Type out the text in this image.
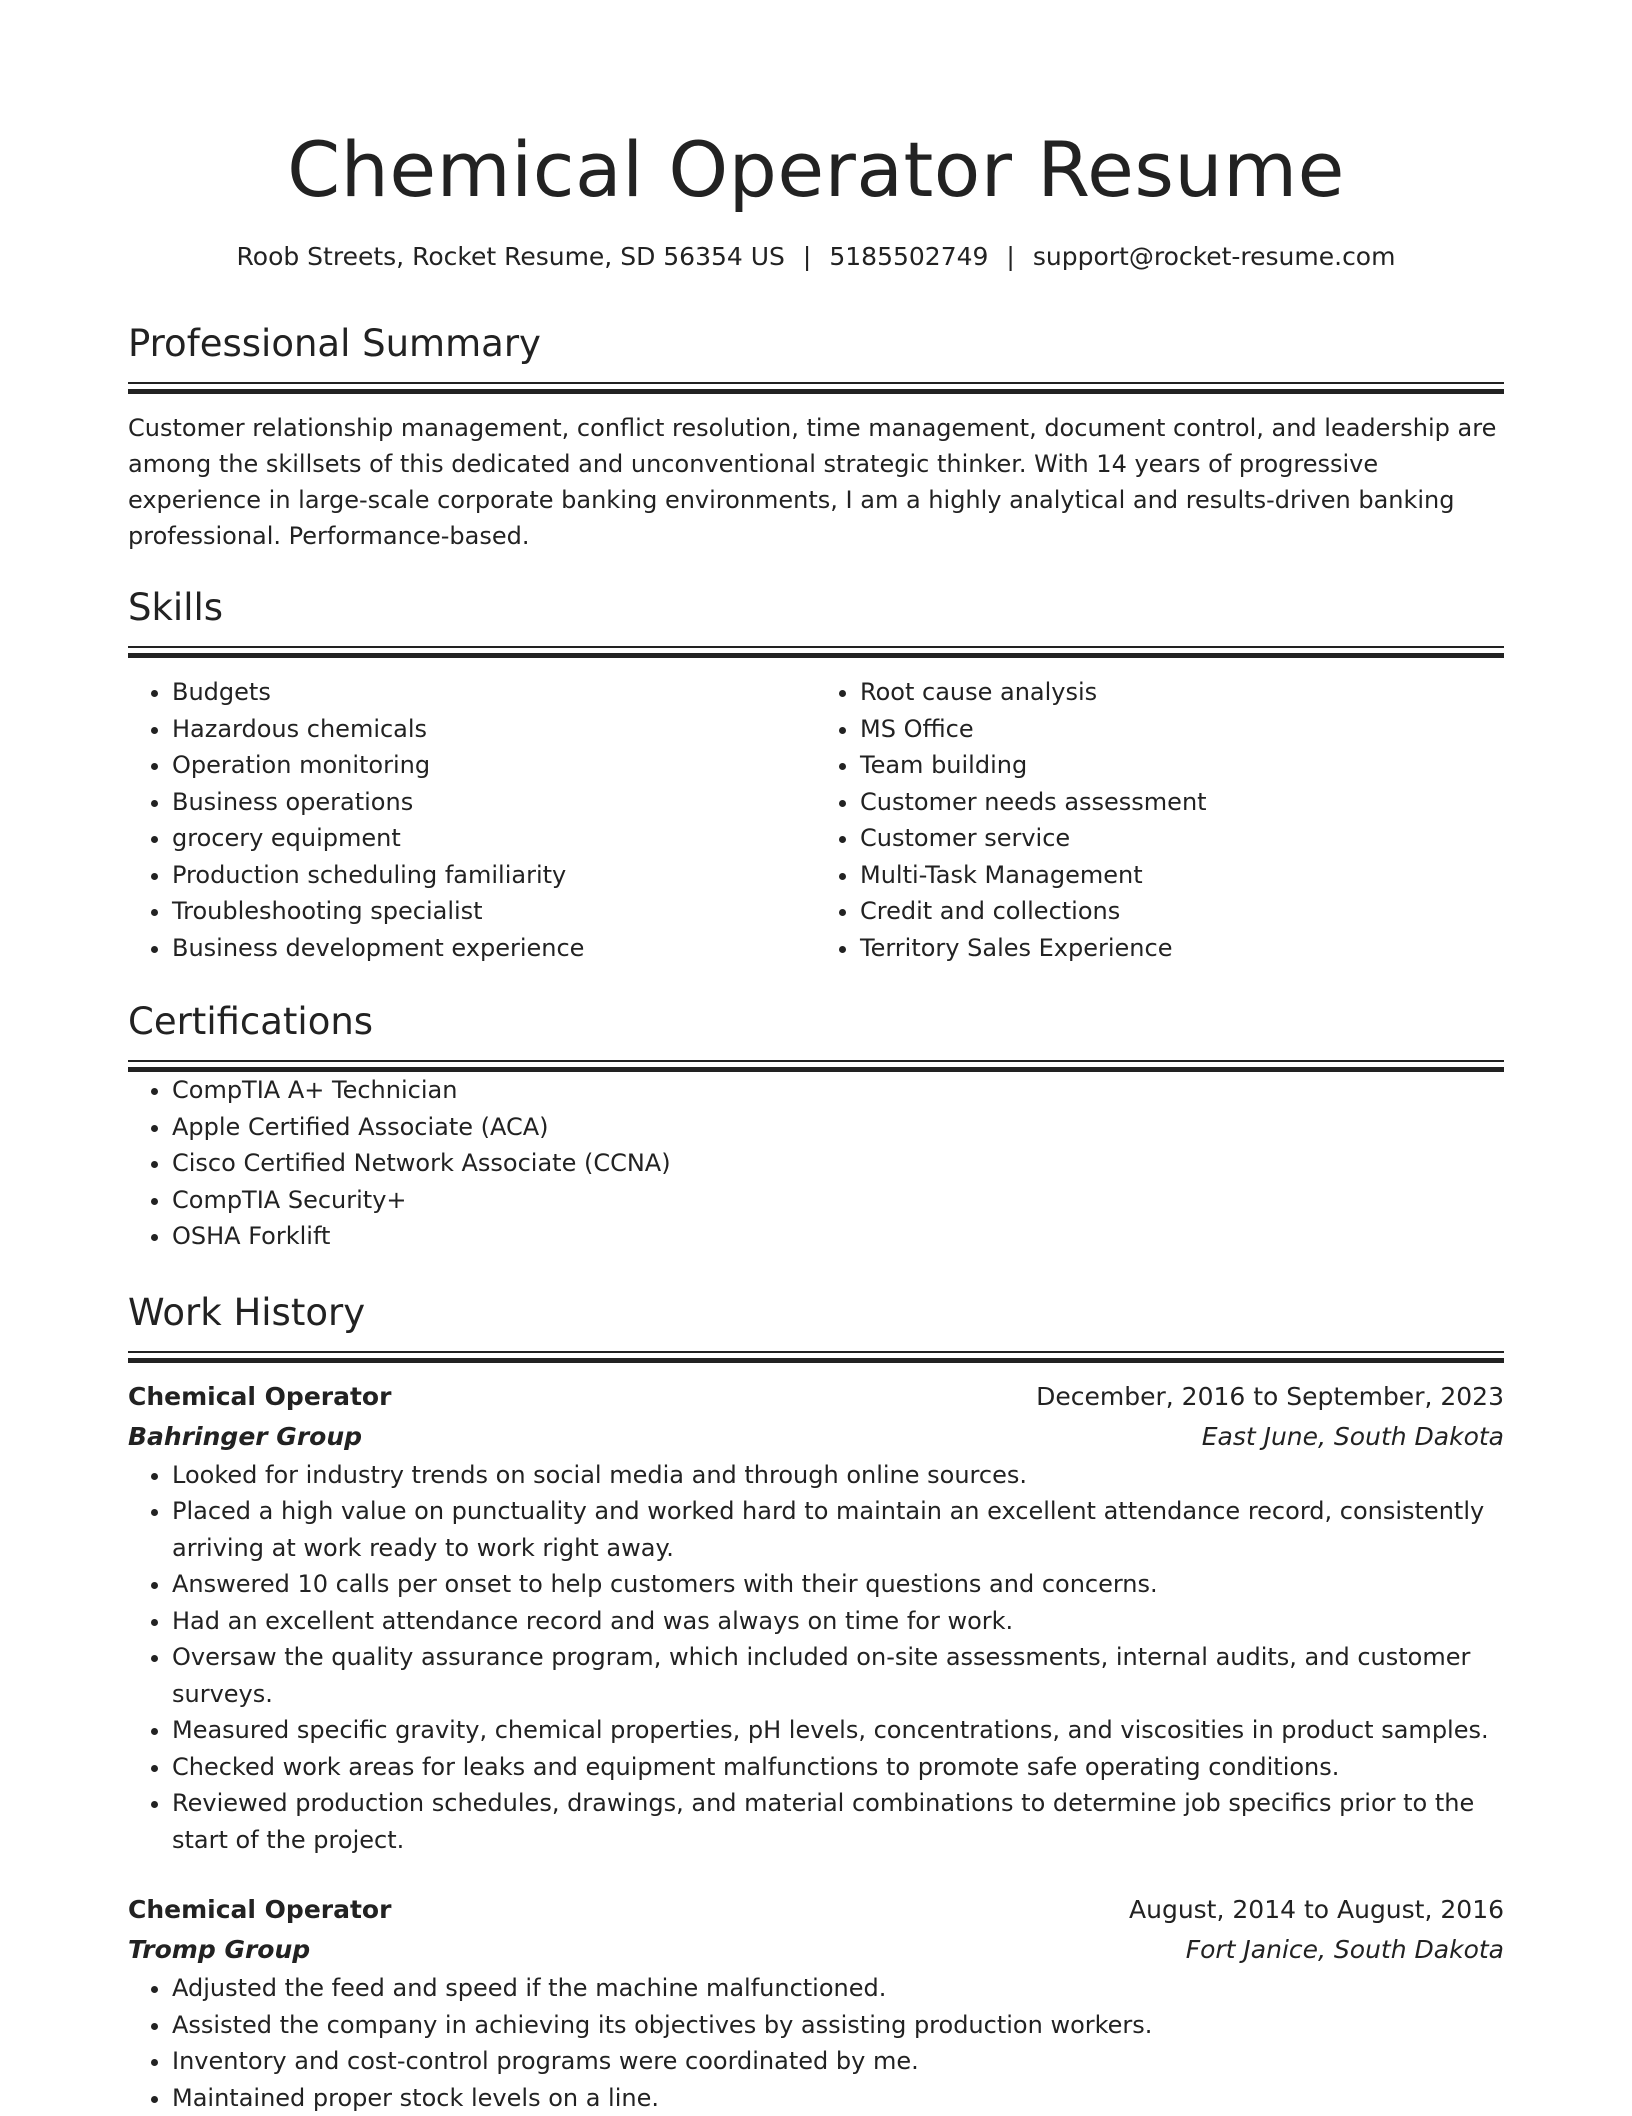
Chemical Operator Resume
Roob Streets, Rocket Resume, SD 56354 US | 5185502749 | support@rocket-resume.com
Professional Summary

Customer relationship management, conflict resolution, time management, document control, and leadership are among the skillsets of this dedicated and unconventional strategic thinker. With 14 years of progressive experience in large-scale corporate banking environments, I am a highly analytical and results-driven banking professional. Performance-based.

Skills
• Budgets
• Hazardous chemicals
• Operation monitoring
• Business operations
• grocery equipment
• Production scheduling familiarity
• Troubleshooting specialist
• Business development experience
• Root cause analysis
• MS Office
• Team building
• Customer needs assessment
• Customer service
• Multi-Task Management
• Credit and collections
• Territory Sales Experience
Certifications
• CompTIA A+ Technician
• Apple Certified Associate (ACA)
• Cisco Certified Network Associate (CCNA)
• CompTIA Security+
• OSHA Forklift
Work History
Chemical Operator	December, 2016 to September, 2023
Bahringer Group	East June, South Dakota
• Looked for industry trends on social media and through online sources.
• Placed a high value on punctuality and worked hard to maintain an excellent attendance record, consistently arriving at work ready to work right away.
• Answered 10 calls per onset to help customers with their questions and concerns.
• Had an excellent attendance record and was always on time for work.
• Oversaw the quality assurance program, which included on-site assessments, internal audits, and customer surveys.
• Measured specific gravity, chemical properties, pH levels, concentrations, and viscosities in product samples.
• Checked work areas for leaks and equipment malfunctions to promote safe operating conditions.
• Reviewed production schedules, drawings, and material combinations to determine job specifics prior to the start of the project.
Chemical Operator	August, 2014 to August, 2016
Tromp Group	Fort Janice, South Dakota
• Adjusted the feed and speed if the machine malfunctioned.
• Assisted the company in achieving its objectives by assisting production workers.
• Inventory and cost-control programs were coordinated by me.
• Maintained proper stock levels on a line.
